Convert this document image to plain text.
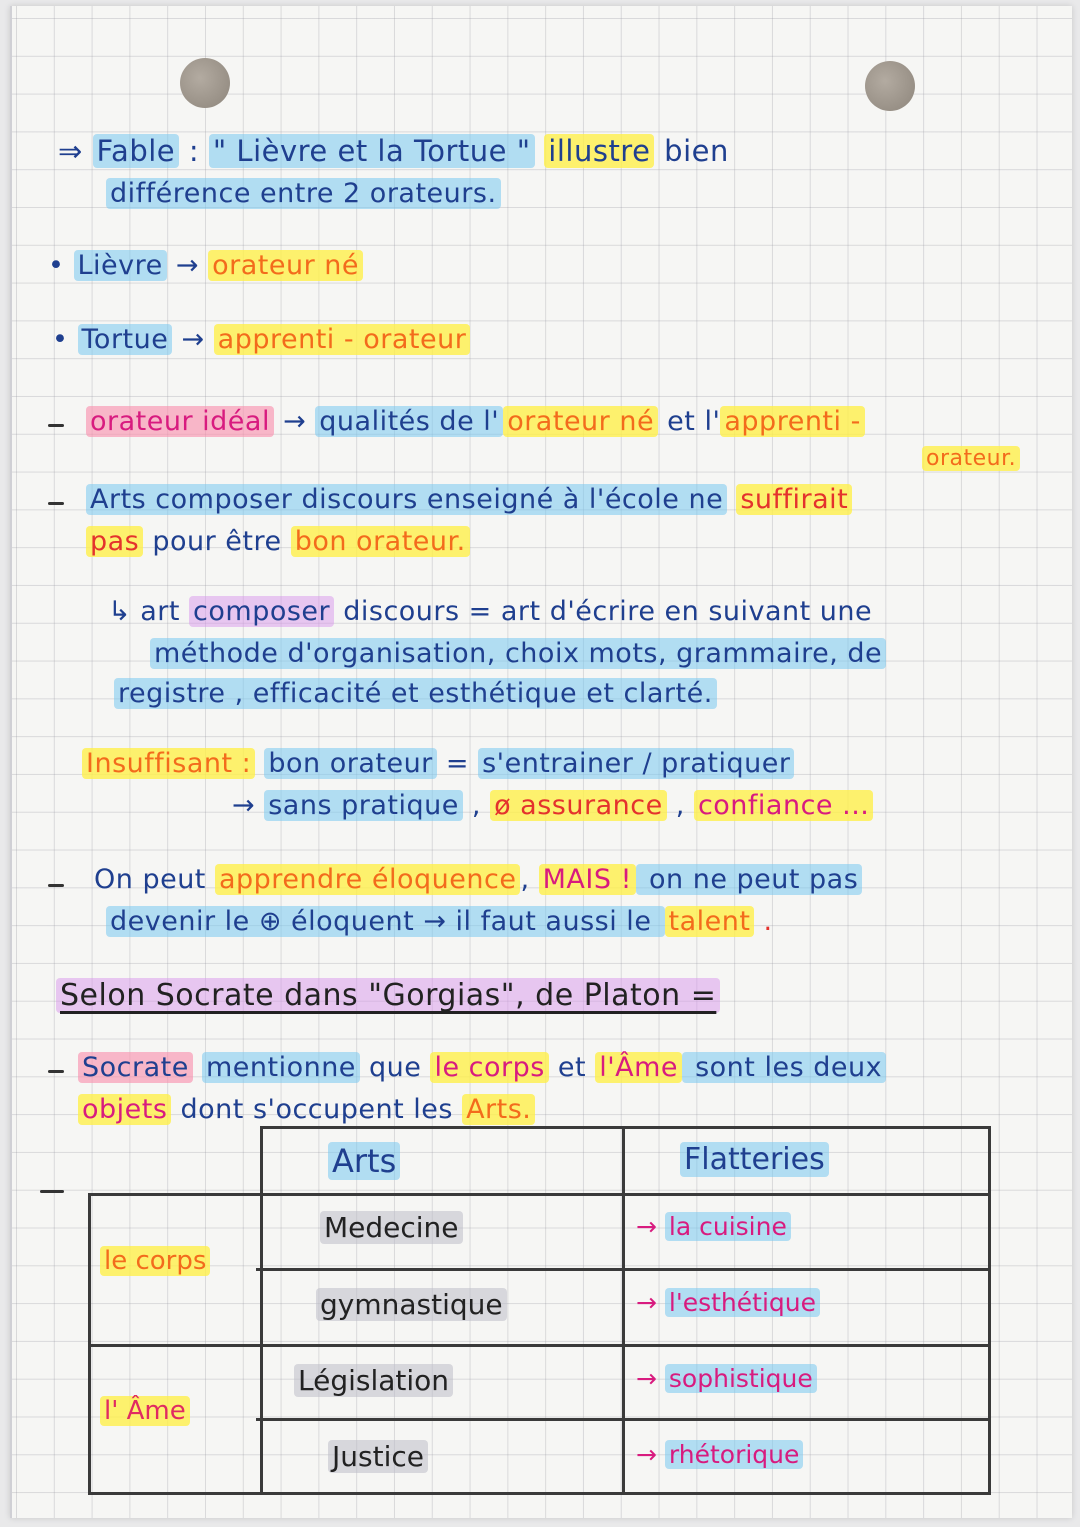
⇒ Fable : " Lièvre et la Tortue " illustre bien
différence entre 2 orateurs.
• Lièvre → orateur né
• Tortue → apprenti - orateur
orateur idéal → qualités de l' orateur né et l' apprenti -
orateur.
Arts composer discours enseigné à l'école ne suffirait
pas pour être bon orateur.
↳ art composer discours = art d'écrire en suivant une
méthode d'organisation, choix mots, grammaire, de
registre , efficacité et esthétique et clarté.
Insuffisant : bon orateur = s'entrainer / pratiquer
→ sans pratique , ø assurance , confiance ...
On peut apprendre éloquence , MAIS ! on ne peut pas
devenir le ⊕ éloquent → il faut aussi le talent .
Selon Socrate dans "Gorgias", de Platon =
Socrate mentionne que le corps et l'Âme sont les deux
objets dont s'occupent les Arts.
Arts	Flatteries
le corps
l' Âme
Medecine
gymnastique
Législation
Justice
→ la cuisine
→ l'esthétique
→ sophistique
→ rhétorique
